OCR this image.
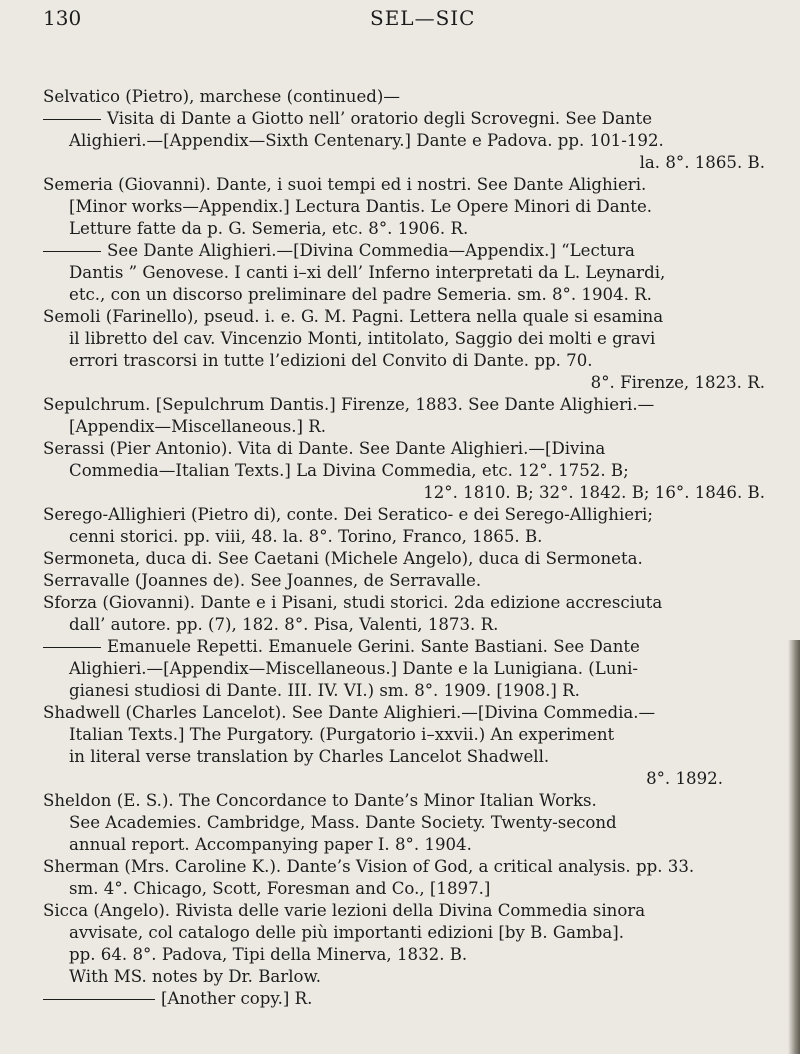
130	SEL—SIC
Selvatico (Pietro), marchese (continued)—
Visita di Dante a Giotto nell’ oratorio degli Scrovegni. See Dante
Alighieri.—[Appendix—Sixth Centenary.] Dante e Padova. pp. 101-192.
la. 8°. 1865. B.
Semeria (Giovanni). Dante, i suoi tempi ed i nostri. See Dante Alighieri.
[Minor works—Appendix.] Lectura Dantis. Le Opere Minori di Dante.
Letture fatte da p. G. Semeria, etc. 8°. 1906. R.
See Dante Alighieri.—[Divina Commedia—Appendix.] “Lectura
Dantis ” Genovese. I canti i–xi dell’ Inferno interpretati da L. Leynardi,
etc., con un discorso preliminare del padre Semeria. sm. 8°. 1904. R.
Semoli (Farinello), pseud. i. e. G. M. Pagni. Lettera nella quale si esamina
il libretto del cav. Vincenzio Monti, intitolato, Saggio dei molti e gravi
errori trascorsi in tutte l’edizioni del Convito di Dante. pp. 70.
8°. Firenze, 1823. R.
Sepulchrum. [Sepulchrum Dantis.] Firenze, 1883. See Dante Alighieri.—
[Appendix—Miscellaneous.] R.
Serassi (Pier Antonio). Vita di Dante. See Dante Alighieri.—[Divina
Commedia—Italian Texts.] La Divina Commedia, etc. 12°. 1752. B;
12°. 1810. B; 32°. 1842. B; 16°. 1846. B.
Serego-Allighieri (Pietro di), conte. Dei Seratico- e dei Serego-Allighieri;
cenni storici. pp. viii, 48. la. 8°. Torino, Franco, 1865. B.
Sermoneta, duca di. See Caetani (Michele Angelo), duca di Sermoneta.
Serravalle (Joannes de). See Joannes, de Serravalle.
Sforza (Giovanni). Dante e i Pisani, studi storici. 2da edizione accresciuta
dall’ autore. pp. (7), 182. 8°. Pisa, Valenti, 1873. R.
Emanuele Repetti. Emanuele Gerini. Sante Bastiani. See Dante
Alighieri.—[Appendix—Miscellaneous.] Dante e la Lunigiana. (Luni-
gianesi studiosi di Dante. III. IV. VI.) sm. 8°. 1909. [1908.] R.
Shadwell (Charles Lancelot). See Dante Alighieri.—[Divina Commedia.—
Italian Texts.] The Purgatory. (Purgatorio i–xxvii.) An experiment
in literal verse translation by Charles Lancelot Shadwell.
8°. 1892.
Sheldon (E. S.). The Concordance to Dante’s Minor Italian Works.
See Academies. Cambridge, Mass. Dante Society. Twenty-second
annual report. Accompanying paper I. 8°. 1904.
Sherman (Mrs. Caroline K.). Dante’s Vision of God, a critical analysis. pp. 33.
sm. 4°. Chicago, Scott, Foresman and Co., [1897.]
Sicca (Angelo). Rivista delle varie lezioni della Divina Commedia sinora
avvisate, col catalogo delle più importanti edizioni [by B. Gamba].
pp. 64. 8°. Padova, Tipi della Minerva, 1832. B.
With MS. notes by Dr. Barlow.
[Another copy.] R.
